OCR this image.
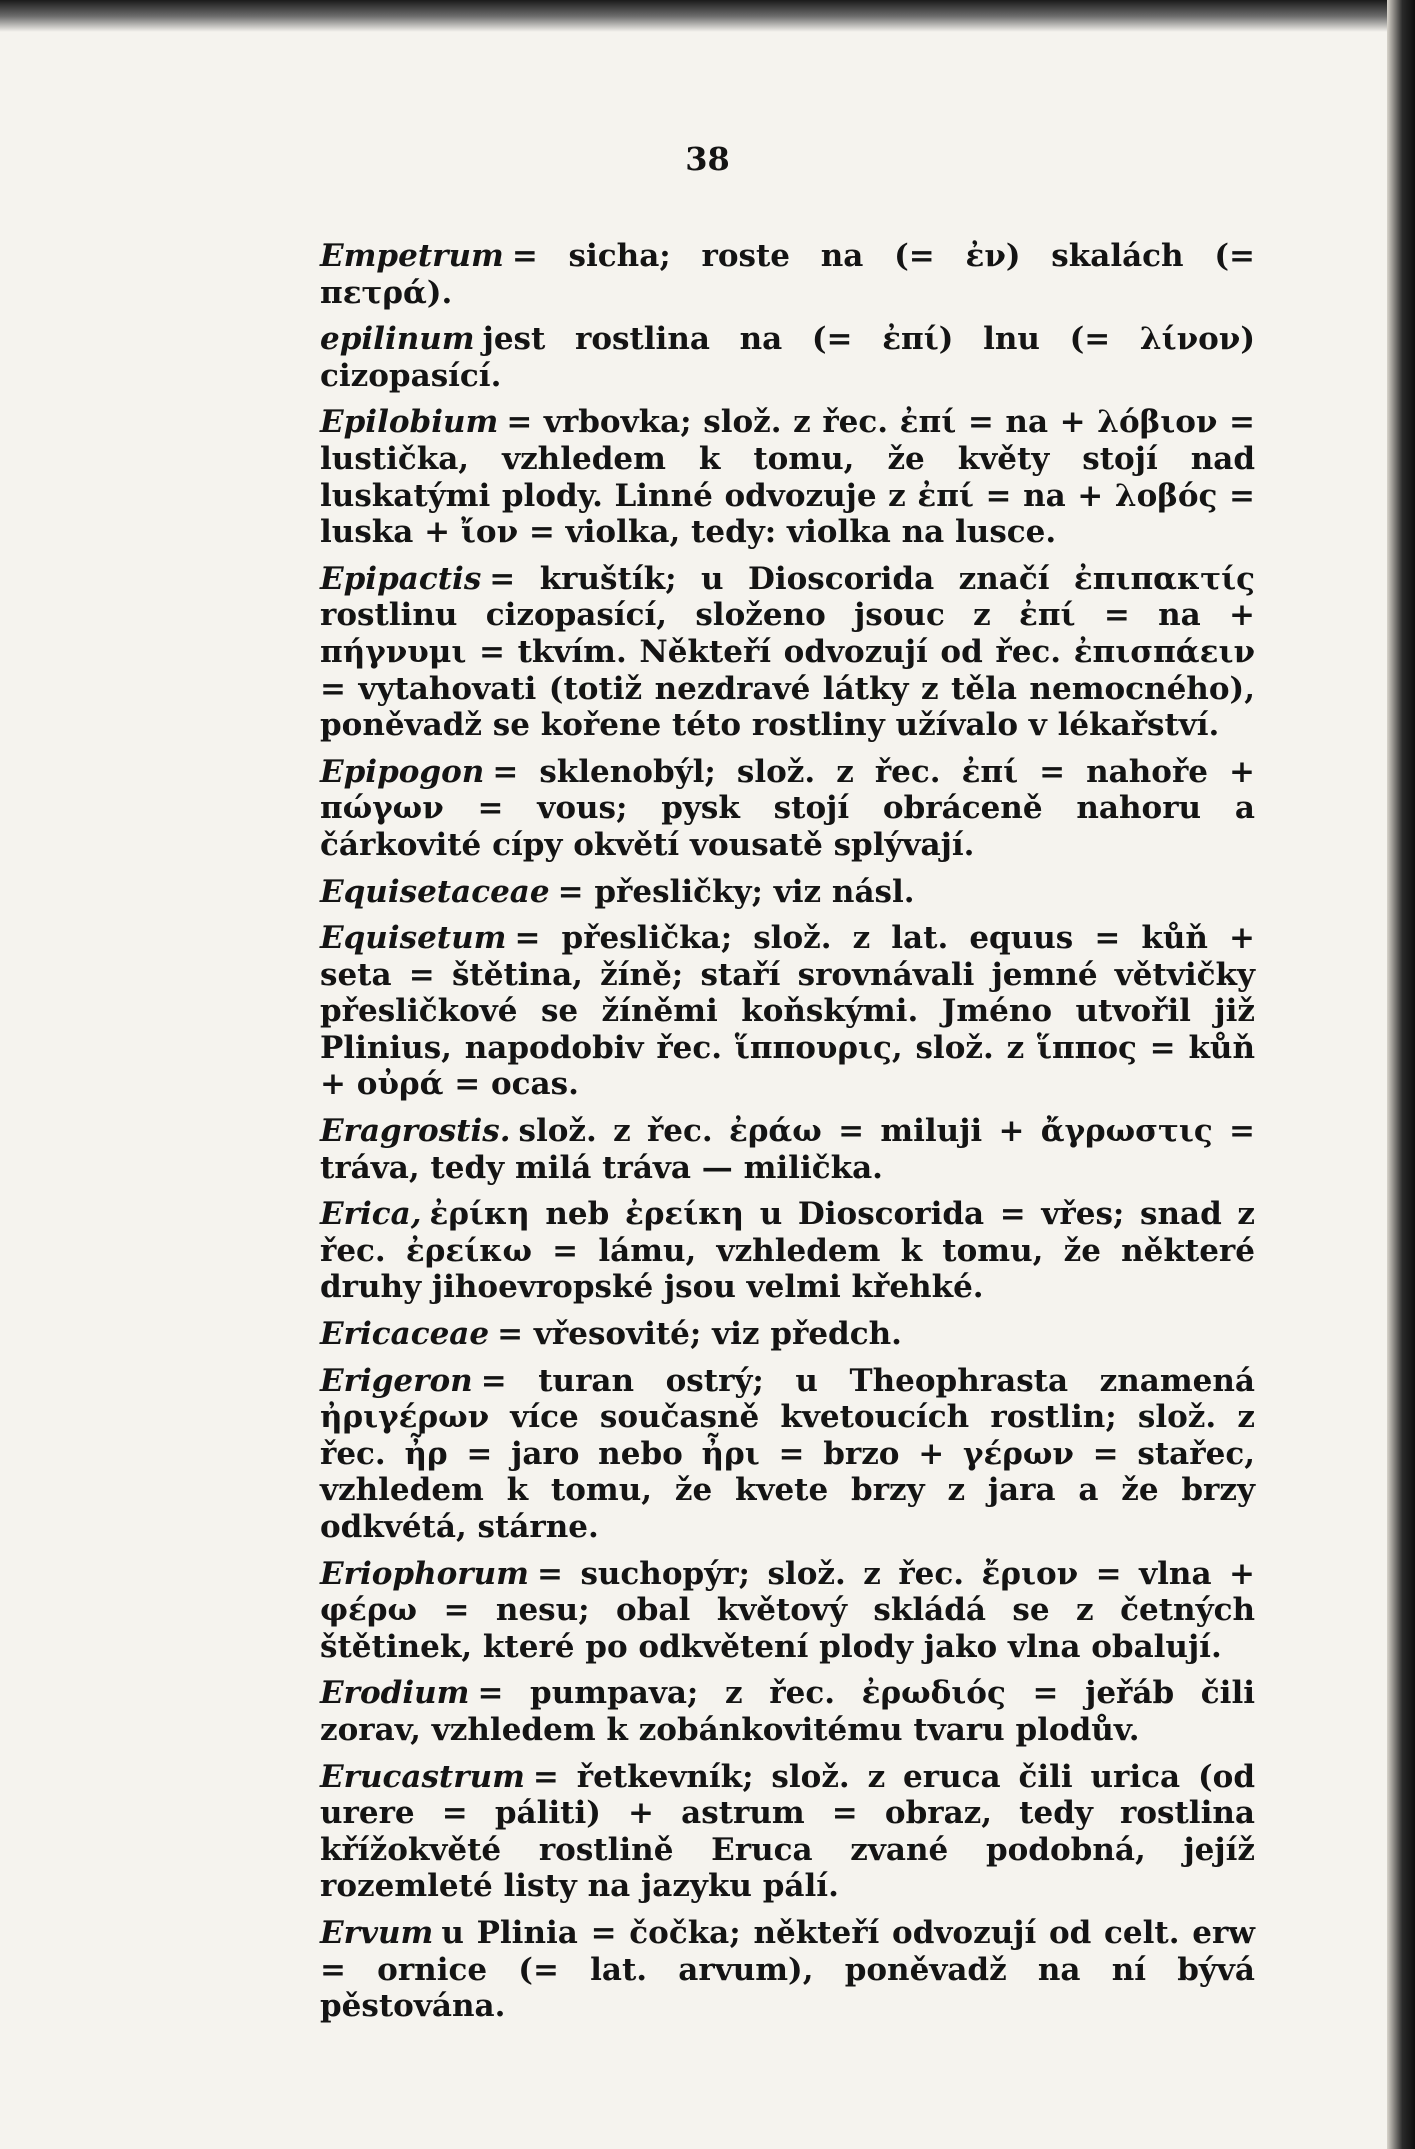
38

Empetrum = sicha; roste na (= ἐν) skalách (= πετρά).

epilinum jest rostlina na (= ἐπί) lnu (= λίνον) cizopasící.

Epilobium = vrbovka; slož. z řec. ἐπί = na + λόβιον = lustička, vzhledem k tomu, že květy stojí nad luskatými plody. Linné odvozuje z ἐπί = na + λοβός = luska + ἴον = violka, tedy: violka na lusce.

Epipactis = kruštík; u Dioscorida značí ἐπιπακτίς rostlinu cizopasící, složeno jsouc z ἐπί = na + πήγνυμι = tkvím. Někteří odvozují od řec. ἐπισπάειν = vytahovati (totiž nezdravé látky z těla nemocného), poněvadž se kořene této rostliny užívalo v lékařství.

Epipogon = sklenobýl; slož. z řec. ἐπί = nahoře + πώγων = vous; pysk stojí obráceně nahoru a čárkovité cípy okvětí vousatě splývají.

Equisetaceae = přesličky; viz násl.

Equisetum = přeslička; slož. z lat. equus = kůň + seta = štětina, žíně; staří srovnávali jemné větvičky přesličkové se žíněmi koňskými. Jméno utvořil již Plinius, napodobiv řec. ἵππουρις, slož. z ἵππος = kůň + οὐρά = ocas.

Eragrostis. slož. z řec. ἐράω = miluji + ἄγρωστις = tráva, tedy milá tráva — milička.

Erica, ἐρίκη neb ἐρείκη u Dioscorida = vřes; snad z řec. ἐρείκω = lámu, vzhledem k tomu, že některé druhy jihoevropské jsou velmi křehké.

Ericaceae = vřesovité; viz předch.

Erigeron = turan ostrý; u Theophrasta znamená ἠριγέρων více současně kvetoucích rostlin; slož. z řec. ἦρ = jaro nebo ἦρι = brzo + γέρων = stařec, vzhledem k tomu, že kvete brzy z jara a že brzy odkvétá, stárne.

Eriophorum = suchopýr; slož. z řec. ἔριον = vlna + φέρω = nesu; obal květový skládá se z četných štětinek, které po odkvětení plody jako vlna obalují.

Erodium = pumpava; z řec. ἐρωδιός = jeřáb čili zorav, vzhledem k zobánkovitému tvaru plodův.

Erucastrum = řetkevník; slož. z eruca čili urica (od urere = páliti) + astrum = obraz, tedy rostlina křížokvěté rostlině Eruca zvané podobná, jejíž rozemleté listy na jazyku pálí.

Ervum u Plinia = čočka; někteří odvozují od celt. erw = ornice (= lat. arvum), poněvadž na ní bývá pěstována.
